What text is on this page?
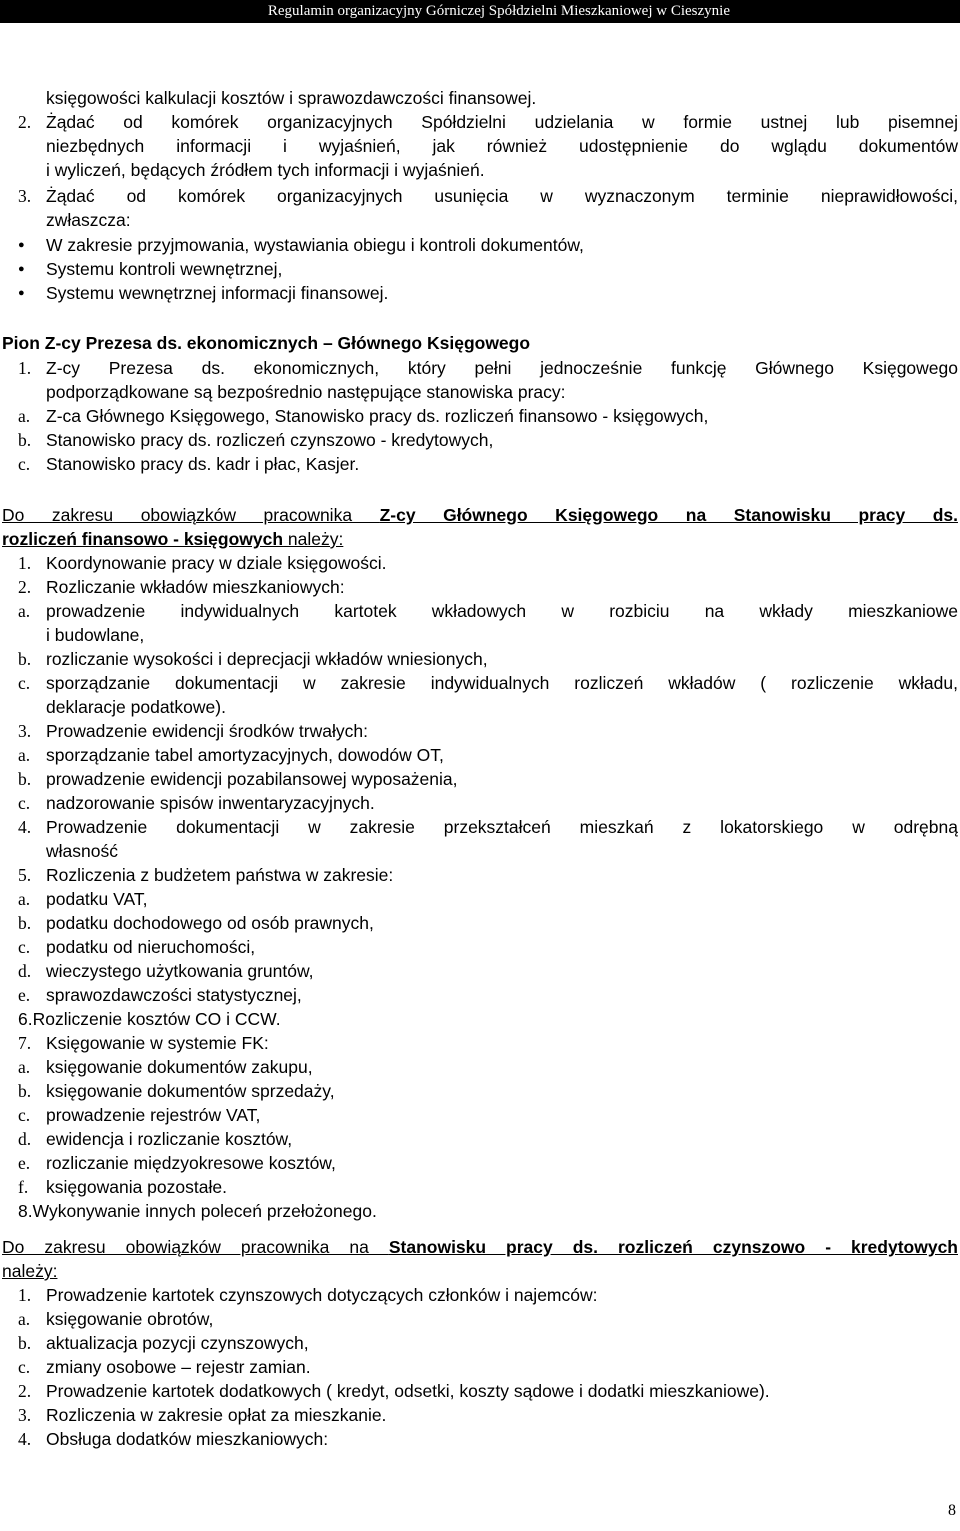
Regulamin organizacyjny Górniczej Spółdzielni Mieszkaniowej w Cieszynie
księgowości kalkulacji kosztów i sprawozdawczości finansowej.
2. Żądać od komórek organizacyjnych Spółdzielni udzielania w formie ustnej lub pisemnej
niezbędnych informacji i wyjaśnień, jak również udostępnienie do wglądu dokumentów
i wyliczeń, będących źródłem tych informacji i wyjaśnień.
3. Żądać od komórek organizacyjnych usunięcia w wyznaczonym terminie nieprawidłowości,
zwłaszcza:
● W zakresie przyjmowania, wystawiania obiegu i kontroli dokumentów,
● Systemu kontroli wewnętrznej,
● Systemu wewnętrznej informacji finansowej.
Pion Z-cy Prezesa ds. ekonomicznych – Głównego Księgowego
1. Z-cy Prezesa ds. ekonomicznych, który pełni jednocześnie funkcję Głównego Księgowego
podporządkowane są bezpośrednio następujące stanowiska pracy:
a. Z-ca Głównego Księgowego, Stanowisko pracy ds. rozliczeń finansowo - księgowych,
b. Stanowisko pracy ds. rozliczeń czynszowo - kredytowych,
c. Stanowisko pracy ds. kadr i płac, Kasjer.
Do zakresu obowiązków pracownika Z-cy Głównego Księgowego na Stanowisku pracy ds.
rozliczeń finansowo - księgowych należy:
1. Koordynowanie pracy w dziale księgowości.
2. Rozliczanie wkładów mieszkaniowych:
a. prowadzenie indywidualnych kartotek wkładowych w rozbiciu na wkłady mieszkaniowe
i budowlane,
b. rozliczanie wysokości i deprecjacji wkładów wniesionych,
c. sporządzanie dokumentacji w zakresie indywidualnych rozliczeń wkładów ( rozliczenie wkładu,
deklaracje podatkowe).
3. Prowadzenie ewidencji środków trwałych:
a. sporządzanie tabel amortyzacyjnych, dowodów OT,
b. prowadzenie ewidencji pozabilansowej wyposażenia,
c. nadzorowanie spisów inwentaryzacyjnych.
4. Prowadzenie dokumentacji w zakresie przekształceń mieszkań z lokatorskiego w odrębną
własność
5. Rozliczenia z budżetem państwa w zakresie:
a. podatku VAT,
b. podatku dochodowego od osób prawnych,
c. podatku od nieruchomości,
d. wieczystego użytkowania gruntów,
e. sprawozdawczości statystycznej,
6.Rozliczenie kosztów CO i CCW.
7. Księgowanie w systemie FK:
a. księgowanie dokumentów zakupu,
b. księgowanie dokumentów sprzedaży,
c. prowadzenie rejestrów VAT,
d. ewidencja i rozliczanie kosztów,
e. rozliczanie międzyokresowe kosztów,
f. księgowania pozostałe.
8.Wykonywanie innych poleceń przełożonego.
Do zakresu obowiązków pracownika na Stanowisku pracy ds. rozliczeń czynszowo - kredytowych
należy:
1. Prowadzenie kartotek czynszowych dotyczących członków i najemców:
a. księgowanie obrotów,
b. aktualizacja pozycji czynszowych,
c. zmiany osobowe – rejestr zamian.
2. Prowadzenie kartotek dodatkowych ( kredyt, odsetki, koszty sądowe i dodatki mieszkaniowe).
3. Rozliczenia w zakresie opłat za mieszkanie.
4. Obsługa dodatków mieszkaniowych:
8
